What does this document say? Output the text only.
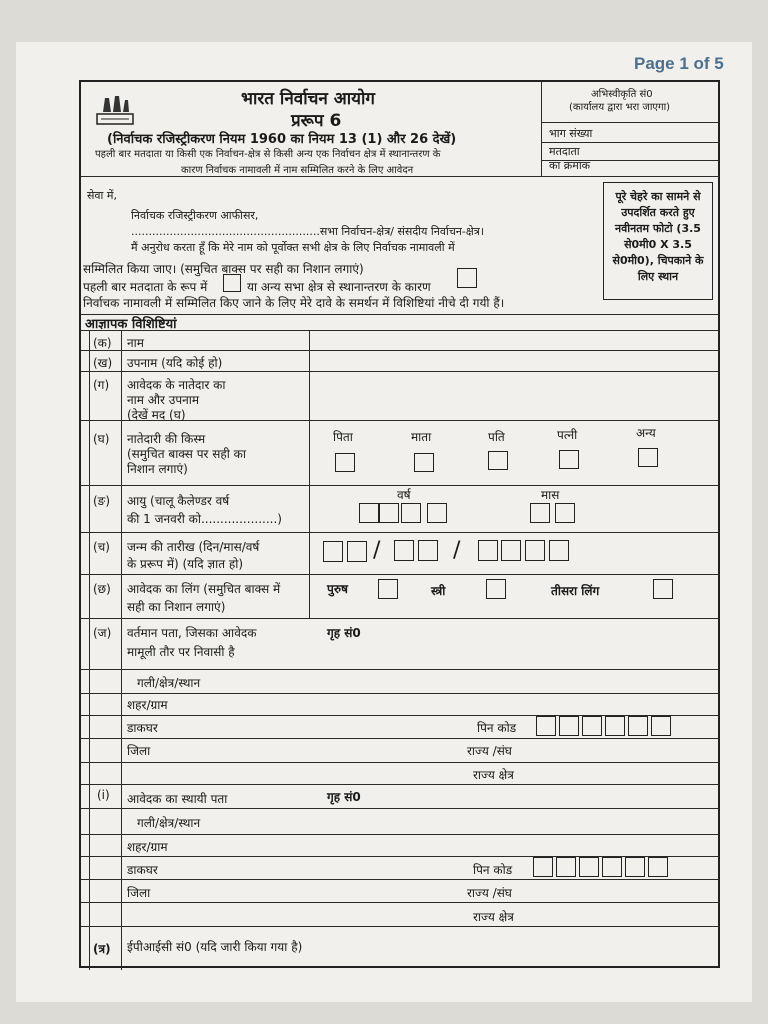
Page 1 of 5
भारत निर्वाचन आयोग
प्ररूप 6
(निर्वाचक रजिस्ट्रीकरण नियम 1960 का नियम 13 (1) और 26 देखें)
पहली बार मतदाता या किसी एक निर्वाचन-क्षेत्र से किसी अन्य एक निर्वाचन क्षेत्र में स्थानान्तरण के
कारण निर्वाचक नामावली में नाम सम्मिलित करने के लिए आवेदन
अभिस्वीकृति सं0
(कार्यालय द्वारा भरा जाएगा)
भाग संख्या
मतदाता
का क्रमांक
सेवा में,
निर्वाचक रजिस्ट्रीकरण आफीसर,
......................................................सभा निर्वाचन-क्षेत्र/ संसदीय निर्वाचन-क्षेत्र।
मैं अनुरोध करता हूँ कि मेरे नाम को पूर्वोक्त सभी क्षेत्र के लिए निर्वाचक नामावली में
सम्मिलित किया जाए। (समुचित बाक्स पर सही का निशान लगाएं)
पहली बार मतदाता के रूप में	या अन्य सभा क्षेत्र से स्थानान्तरण के कारण
निर्वाचक नामावली में सम्मिलित किए जाने के लिए मेरे दावे के समर्थन में विशिष्टियां नीचे दी गयी हैं।
पूरे चेहरे का सामने से उपदर्शित करते हुए नवीनतम फोटो (3.5 से0मी0 X 3.5 से0मी0), चिपकाने के लिए स्थान
आज्ञापक विशिष्टियां
(क) नाम
(ख) उपनाम (यदि कोई हो)
(ग) आवेदक के नातेदार का
नाम और उपनाम
(देखें मद (घ)
(घ) नातेदारी की किस्म
(समुचित बाक्स पर सही का
निशान लगाएं)
पिता	माता	पति	पत्नी	अन्य
(ङ) आयु (चालू कैलेण्डर वर्ष
की 1 जनवरी को....................)
वर्ष	मास
(च) जन्म की तारीख (दिन/मास/वर्ष
के प्ररूप में) (यदि ज्ञात हो)
/	/
(छ) आवेदक का लिंग (समुचित बाक्स में
सही का निशान लगाएं)
पुरुष	स्त्री	तीसरा लिंग
(ज) वर्तमान पता, जिसका आवेदक
मामूली तौर पर निवासी है
गृह सं0
गली/क्षेत्र/स्थान
शहर/ग्राम
डाकघर	पिन कोड
जिला	राज्य /संघ
राज्य क्षेत्र
(i) आवेदक का स्थायी पता	गृह सं0
गली/क्षेत्र/स्थान
शहर/ग्राम
डाकघर	पिन कोड
जिला	राज्य /संघ
राज्य क्षेत्र
(त्र) ईपीआईसी सं0 (यदि जारी किया गया है)
